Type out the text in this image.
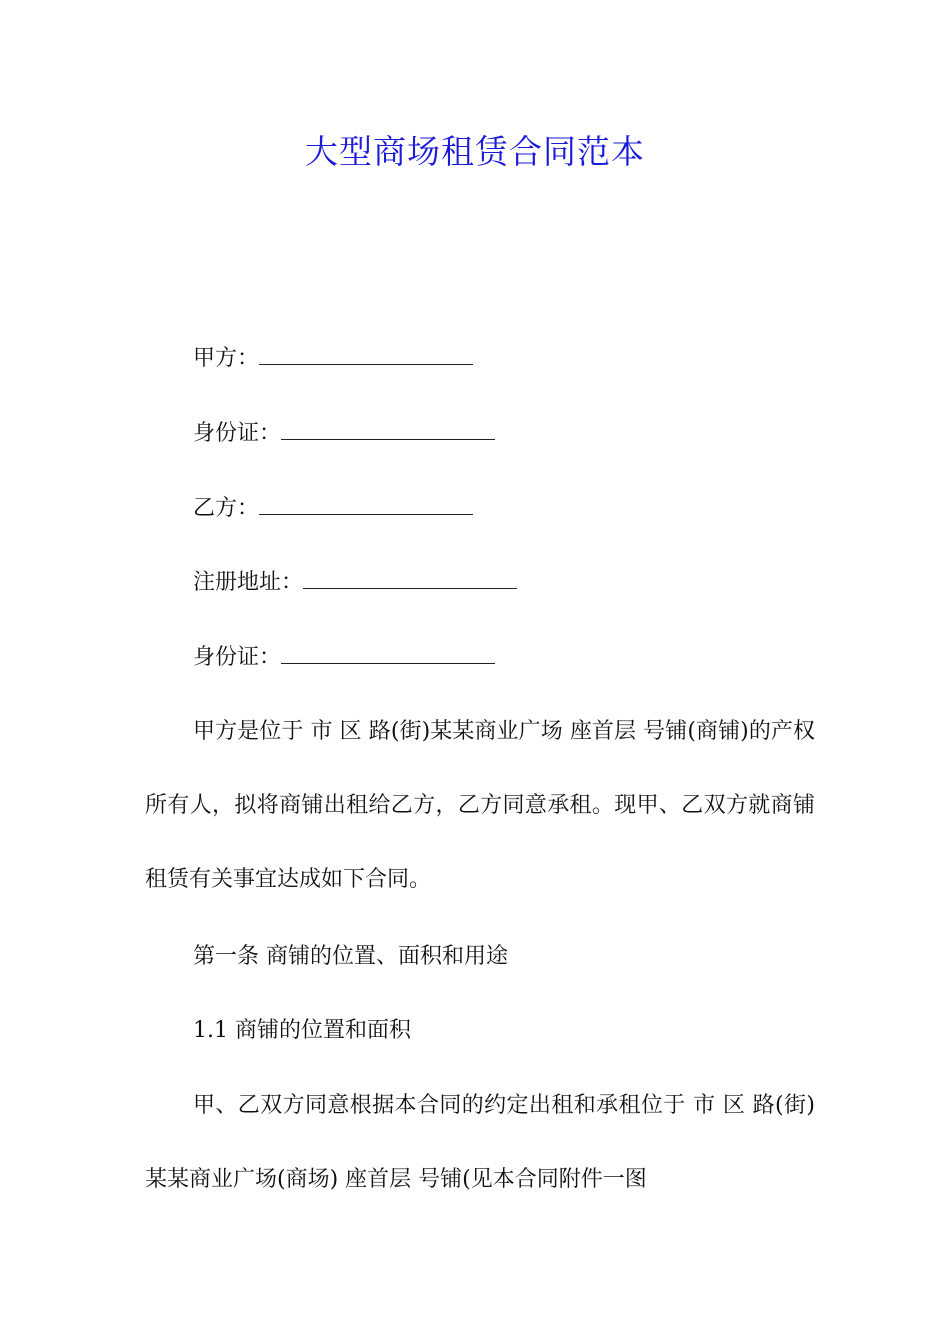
大型商场租赁合同范本
甲方：
身份证：
乙方：
注册地址：
身份证：
甲方是位于 市 区 路(街)某某商业广场 座首层 号铺(商铺)的产权所有人，拟将商铺出租给乙方，乙方同意承租。现甲、乙双方就商铺租赁有关事宜达成如下合同。
第一条 商铺的位置、面积和用途
1.1 商铺的位置和面积
甲、乙双方同意根据本合同的约定出租和承租位于 市 区 路(街)某某商业广场(商场) 座首层 号铺(见本合同附件一图
